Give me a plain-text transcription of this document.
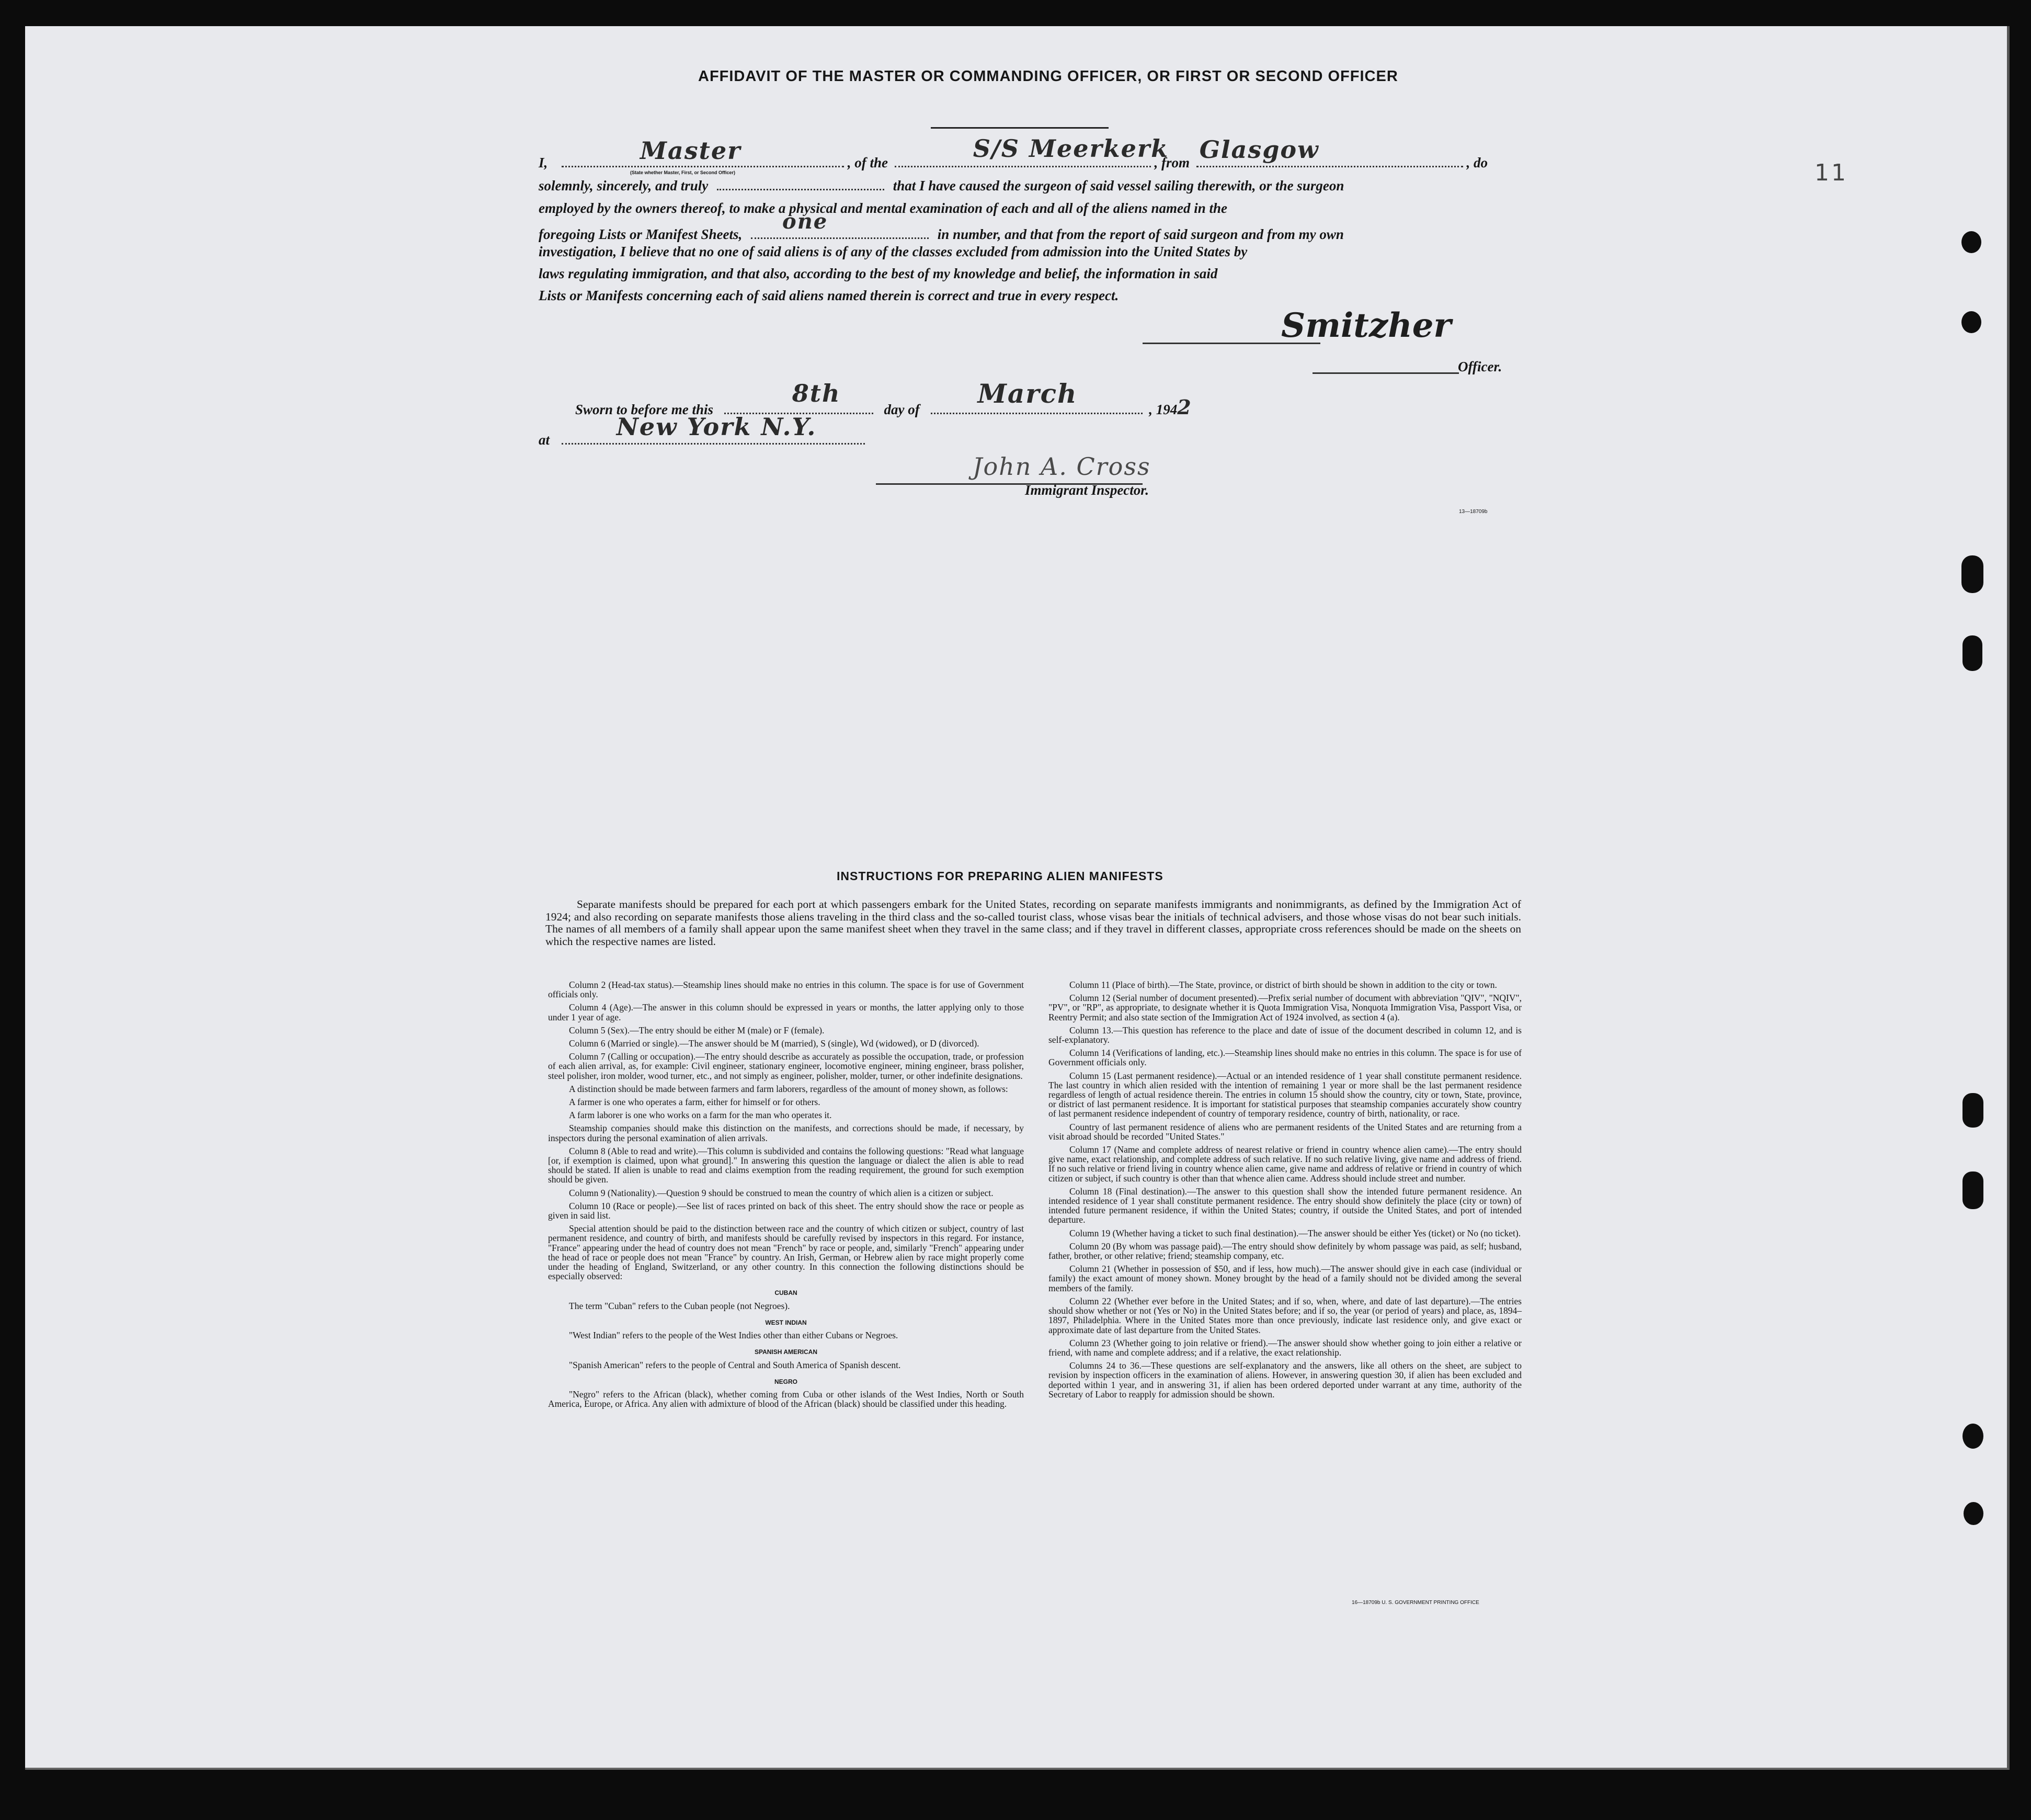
AFFIDAVIT OF THE MASTER OR COMMANDING OFFICER, OR FIRST OR SECOND OFFICER
I,	Master	, of the	S/S Meerkerk
, from Glasgow	, do
(State whether Master, First, or Second Officer)
solemnly, sincerely, and truly	that I have caused the surgeon of said vessel sailing therewith, or the surgeon
employed by the owners thereof, to make a physical and mental examination of each and all of the aliens named in the
foregoing Lists or Manifest Sheets,
one
in number, and that from the report of said surgeon and from my own
investigation, I believe that no one of said aliens is of any of the classes excluded from admission into the United States by
laws regulating immigration, and that also, according to the best of my knowledge and belief, the information in said
Lists or Manifests concerning each of said aliens named therein is correct and true in every respect.
Smitzher
Officer.
Sworn to before me this
8th
day of
March
, 1942
at	New York N.Y.
John A. Cross
Immigrant Inspector.
13—18709b
11
INSTRUCTIONS FOR PREPARING ALIEN MANIFESTS
Separate manifests should be prepared for each port at which passengers embark for the United States, recording on separate manifests immigrants and nonimmigrants, as defined by the Immigration Act of 1924; and also recording on separate manifests those aliens traveling in the third class and the so-called tourist class, whose visas bear the initials of technical advisers, and those whose visas do not bear such initials. The names of all members of a family shall appear upon the same manifest sheet when they travel in the same class; and if they travel in different classes, appropriate cross references should be made on the sheets on which the respective names are listed.

Column 2 (Head-tax status).—Steamship lines should make no entries in this column. The space is for use of Government officials only.

Column 4 (Age).—The answer in this column should be expressed in years or months, the latter applying only to those under 1 year of age.

Column 5 (Sex).—The entry should be either M (male) or F (female).

Column 6 (Married or single).—The answer should be M (married), S (single), Wd (widowed), or D (divorced).

Column 7 (Calling or occupation).—The entry should describe as accurately as possible the occupation, trade, or profession of each alien arrival, as, for example: Civil engineer, stationary engineer, locomotive engineer, mining engineer, brass polisher, steel polisher, iron molder, wood turner, etc., and not simply as engineer, polisher, molder, turner, or other indefinite designations.

A distinction should be made between farmers and farm laborers, regardless of the amount of money shown, as follows:

A farmer is one who operates a farm, either for himself or for others.

A farm laborer is one who works on a farm for the man who operates it.

Steamship companies should make this distinction on the manifests, and corrections should be made, if necessary, by inspectors during the personal examination of alien arrivals.

Column 8 (Able to read and write).—This column is subdivided and contains the following questions: "Read what language [or, if exemption is claimed, upon what ground]." In answering this question the language or dialect the alien is able to read should be stated. If alien is unable to read and claims exemption from the reading requirement, the ground for such exemption should be given.

Column 9 (Nationality).—Question 9 should be construed to mean the country of which alien is a citizen or subject.

Column 10 (Race or people).—See list of races printed on back of this sheet. The entry should show the race or people as given in said list.

Special attention should be paid to the distinction between race and the country of which citizen or subject, country of last permanent residence, and country of birth, and manifests should be carefully revised by inspectors in this regard. For instance, "France" appearing under the head of country does not mean "French" by race or people, and, similarly "French" appearing under the head of race or people does not mean "France" by country. An Irish, German, or Hebrew alien by race might properly come under the heading of England, Switzerland, or any other country. In this connection the following distinctions should be especially observed:

CUBAN

The term "Cuban" refers to the Cuban people (not Negroes).

WEST INDIAN

"West Indian" refers to the people of the West Indies other than either Cubans or Negroes.

SPANISH AMERICAN

"Spanish American" refers to the people of Central and South America of Spanish descent.

NEGRO

"Negro" refers to the African (black), whether coming from Cuba or other islands of the West Indies, North or South America, Europe, or Africa. Any alien with admixture of blood of the African (black) should be classified under this heading.

Column 11 (Place of birth).—The State, province, or district of birth should be shown in addition to the city or town.

Column 12 (Serial number of document presented).—Prefix serial number of document with abbreviation "QIV", "NQIV", "PV", or "RP", as appropriate, to designate whether it is Quota Immigration Visa, Nonquota Immigration Visa, Passport Visa, or Reentry Permit; and also state section of the Immigration Act of 1924 involved, as section 4 (a).

Column 13.—This question has reference to the place and date of issue of the document described in column 12, and is self-explanatory.

Column 14 (Verifications of landing, etc.).—Steamship lines should make no entries in this column. The space is for use of Government officials only.

Column 15 (Last permanent residence).—Actual or an intended residence of 1 year shall constitute permanent residence. The last country in which alien resided with the intention of remaining 1 year or more shall be the last permanent residence regardless of length of actual residence therein. The entries in column 15 should show the country, city or town, State, province, or district of last permanent residence. It is important for statistical purposes that steamship companies accurately show country of last permanent residence independent of country of temporary residence, country of birth, nationality, or race.

Country of last permanent residence of aliens who are permanent residents of the United States and are returning from a visit abroad should be recorded "United States."

Column 17 (Name and complete address of nearest relative or friend in country whence alien came).—The entry should give name, exact relationship, and complete address of such relative. If no such relative living, give name and address of friend. If no such relative or friend living in country whence alien came, give name and address of relative or friend in country of which citizen or subject, if such country is other than that whence alien came. Address should include street and number.

Column 18 (Final destination).—The answer to this question shall show the intended future permanent residence. An intended residence of 1 year shall constitute permanent residence. The entry should show definitely the place (city or town) of intended future permanent residence, if within the United States; country, if outside the United States, and port of intended departure.

Column 19 (Whether having a ticket to such final destination).—The answer should be either Yes (ticket) or No (no ticket).

Column 20 (By whom was passage paid).—The entry should show definitely by whom passage was paid, as self; husband, father, brother, or other relative; friend; steamship company, etc.

Column 21 (Whether in possession of $50, and if less, how much).—The answer should give in each case (individual or family) the exact amount of money shown. Money brought by the head of a family should not be divided among the several members of the family.

Column 22 (Whether ever before in the United States; and if so, when, where, and date of last departure).—The entries should show whether or not (Yes or No) in the United States before; and if so, the year (or period of years) and place, as, 1894–1897, Philadelphia. Where in the United States more than once previously, indicate last residence only, and give exact or approximate date of last departure from the United States.

Column 23 (Whether going to join relative or friend).—The answer should show whether going to join either a relative or friend, with name and complete address; and if a relative, the exact relationship.

Columns 24 to 36.—These questions are self-explanatory and the answers, like all others on the sheet, are subject to revision by inspection officers in the examination of aliens. However, in answering question 30, if alien has been excluded and deported within 1 year, and in answering 31, if alien has been ordered deported under warrant at any time, authority of the Secretary of Labor to reapply for admission should be shown.

16—18709b U. S. GOVERNMENT PRINTING OFFICE
